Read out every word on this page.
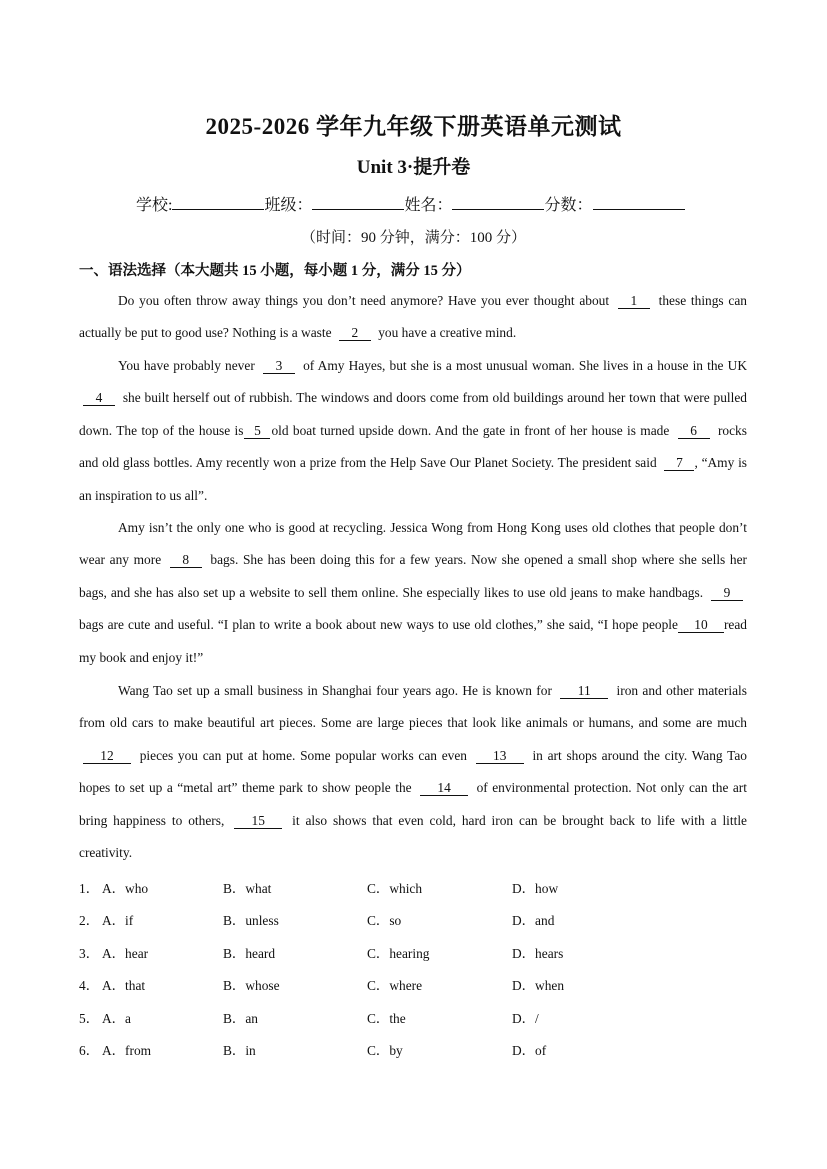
2025-2026 学年九年级下册英语单元测试
Unit 3·提升卷
学校:	班级：	姓名：	分数：
（时间：90 分钟，满分：100 分）
一、语法选择（本大题共 15 小题，每小题 1 分，满分 15 分）
Do you often throw away things you don’t need anymore? Have you ever thought about 1 these things can actually be put to good use? Nothing is a waste 2 you have a creative mind.
You have probably never 3 of Amy Hayes, but she is a most unusual woman. She lives in a house in the UK 4 she built herself out of rubbish. The windows and doors come from old buildings around her town that were pulled down. The top of the house is 5 old boat turned upside down. And the gate in front of her house is made 6 rocks and old glass bottles. Amy recently won a prize from the Help Save Our Planet Society. The president said 7 , “Amy is an inspiration to us all”.
Amy isn’t the only one who is good at recycling. Jessica Wong from Hong Kong uses old clothes that people don’t wear any more 8 bags. She has been doing this for a few years. Now she opened a small shop where she sells her bags, and she has also set up a website to sell them online. She especially likes to use old jeans to make handbags. 9 bags are cute and useful. “I plan to write a book about new ways to use old clothes,” she said, “I hope people 10 read my book and enjoy it!”
Wang Tao set up a small business in Shanghai four years ago. He is known for 11 iron and other materials from old cars to make beautiful art pieces. Some are large pieces that look like animals or humans, and some are much 12 pieces you can put at home. Some popular works can even 13 in art shops around the city. Wang Tao hopes to set up a “metal art” theme park to show people the 14 of environmental protection. Not only can the art bring happiness to others, 15 it also shows that even cold, hard iron can be brought back to life with a little creativity.
1． A．who	B．what	C．which	D．how
2． A．if	B．unless	C．so	D．and
3． A．hear	B．heard	C．hearing	D．hears
4． A．that	B．whose	C．where	D．when
5． A．a	B．an	C．the	D．/
6． A．from	B．in	C．by	D．of
